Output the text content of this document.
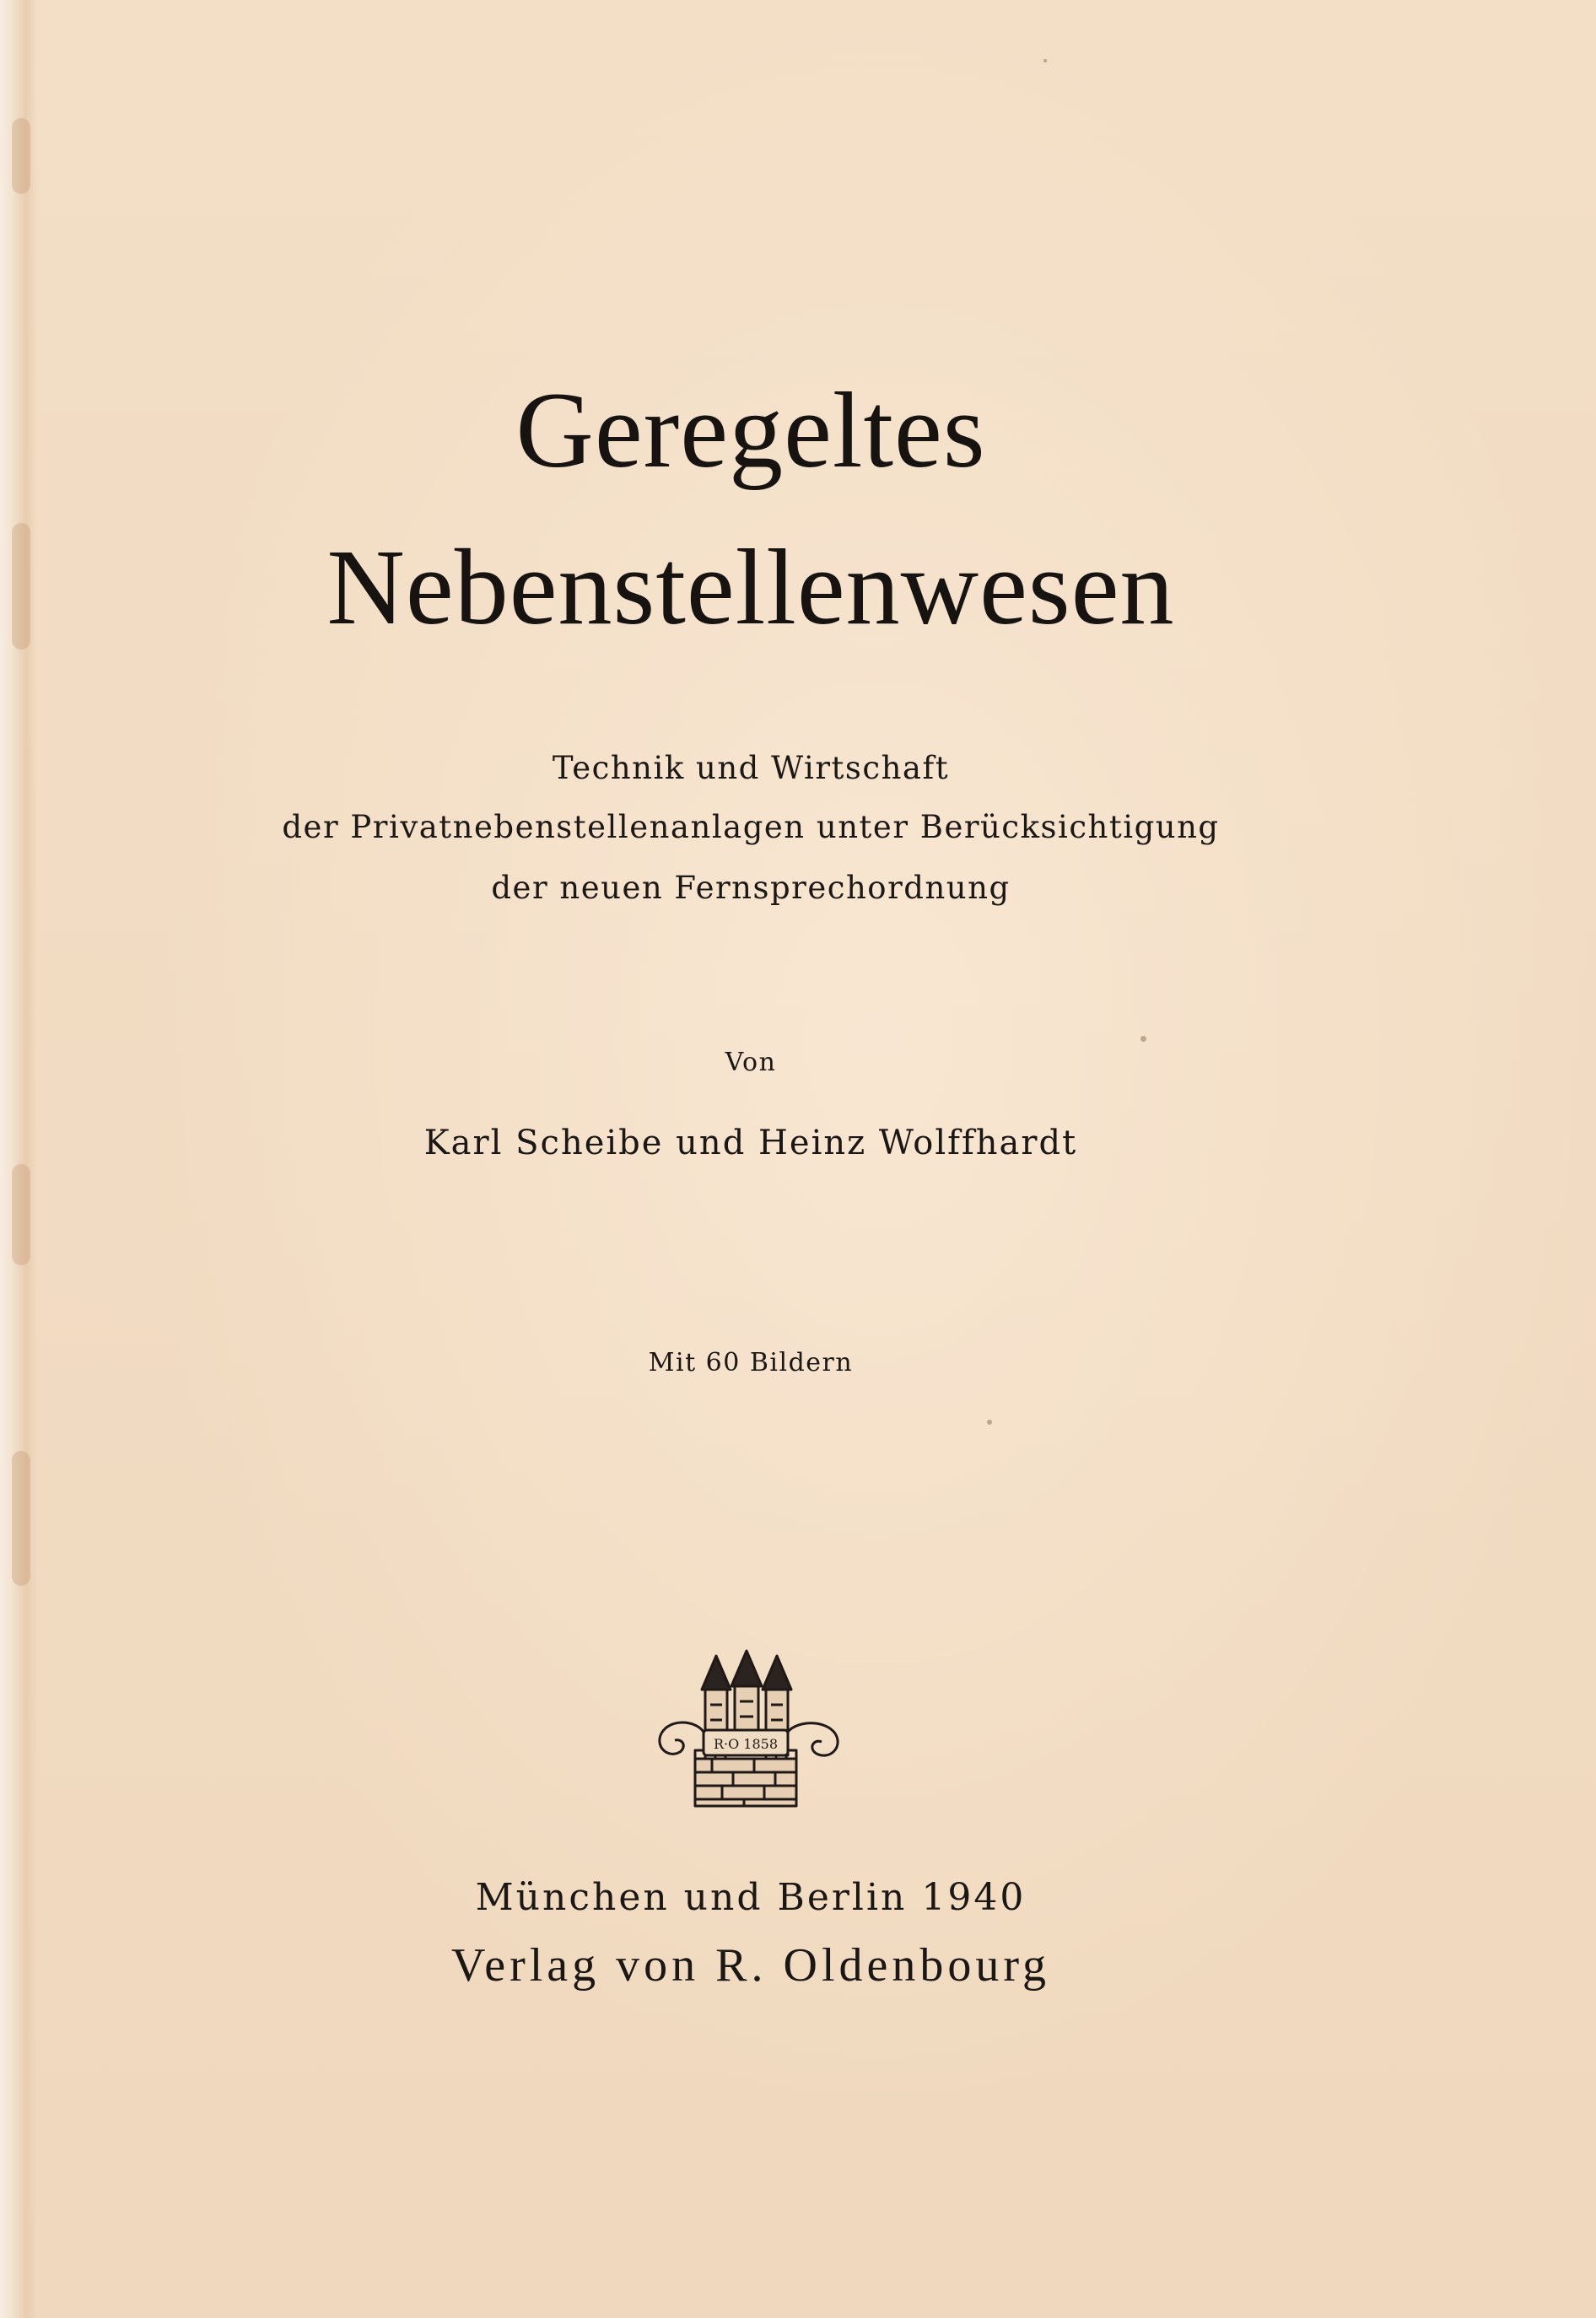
Geregeltes
Nebenstellenwesen
Technik und Wirtschaft
der Privatnebenstellenanlagen unter Berücksichtigung
der neuen Fernsprechordnung
Von
Karl Scheibe und Heinz Wolffhardt
Mit 60 Bildern
R·O 1858
München und Berlin 1940
Verlag von R. Oldenbourg
